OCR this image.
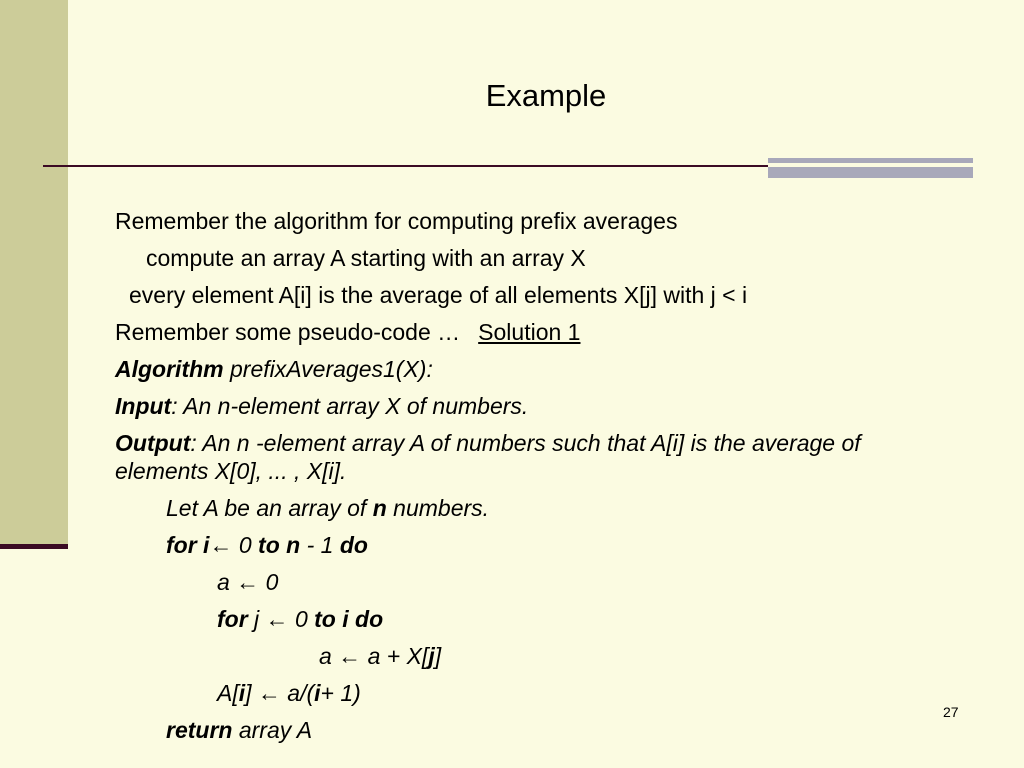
Example
Remember the algorithm for computing prefix averages
compute an array A starting with an array X
every element A[i] is the average of all elements X[j] with j < i
Remember some pseudo-code … Solution 1
Algorithm prefixAverages1(X):
Input: An n-element array X of numbers.
Output: An n -element array A of numbers such that A[i] is the average of elements X[0], ... , X[i].
Let A be an array of n numbers.
for i← 0 to n - 1 do
a ← 0
for j ← 0 to i do
a ← a + X[j]
A[i] ← a/(i+ 1)
return array A
27
